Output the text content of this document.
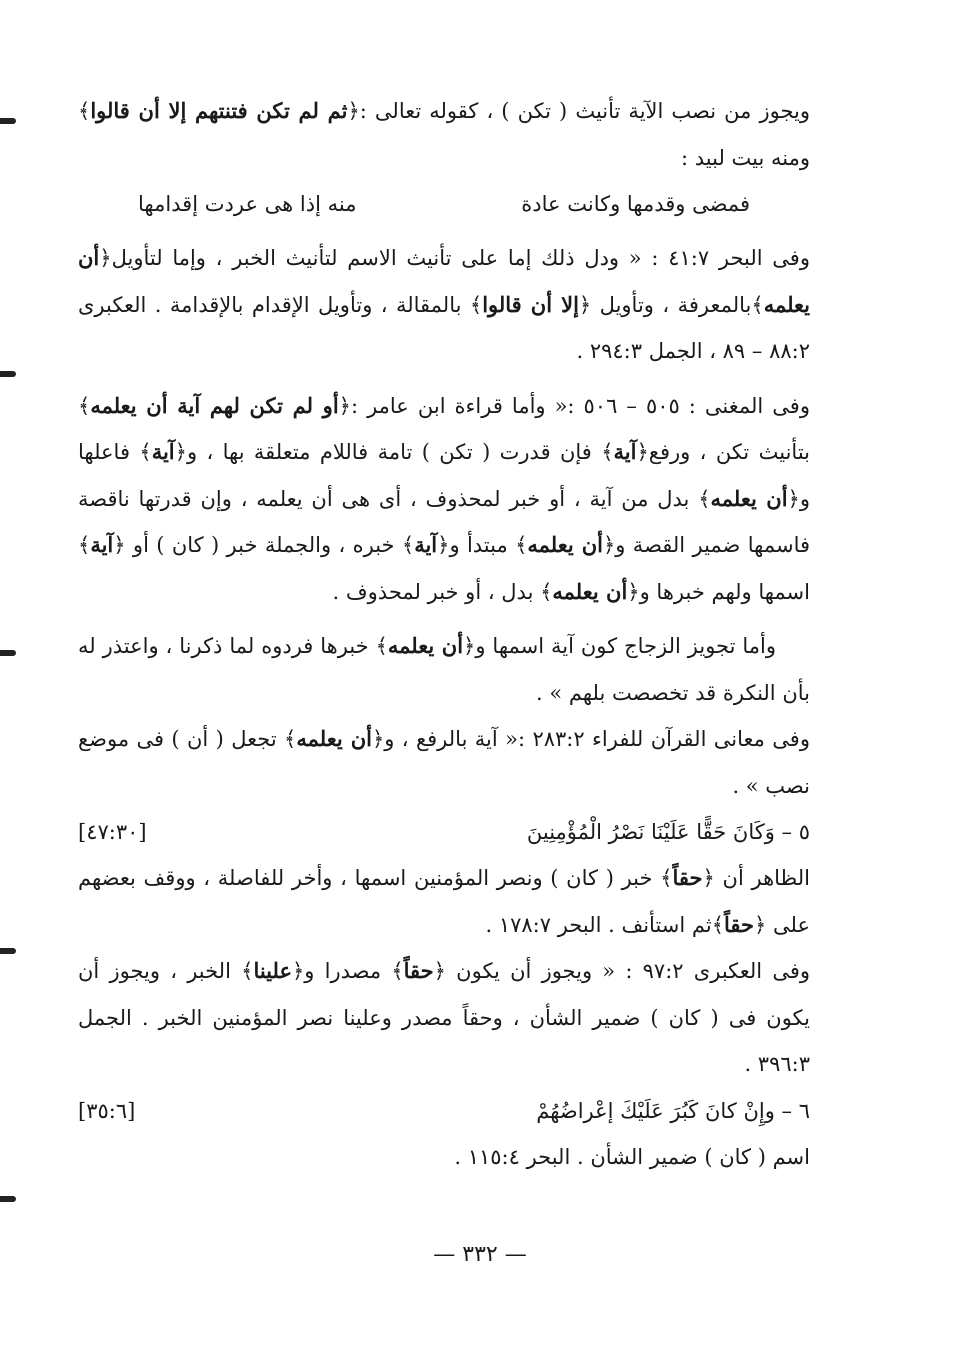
ويجوز من نصب الآية تأنيث ( تكن ) ، كقوله تعالى :﴿ثم لم تكن فتنتهم إلا أن قالوا﴾ ومنه بيت لبيد :

فمضى وقدمها وكانت عادة
منه إذا هى عردت إقدامها

وفى البحر ٤١:٧ : « ودل ذلك إما على تأنيث الاسم لتأنيث الخبر ، وإما لتأويل﴿أن يعلمه﴾بالمعرفة ، وتأويل ﴿إلا أن قالوا﴾ بالمقالة ، وتأويل الإقدام بالإقدامة . العكبرى ٨٨:٢ – ٨٩ ، الجمل ٢٩٤:٣ .

وفى المغنى : ٥٠٥ – ٥٠٦ :« وأما قراءة ابن عامر :﴿أو لم تكن لهم آية أن يعلمه﴾ بتأنيث تكن ، ورفع﴿آية﴾ فإن قدرت ( تكن ) تامة فاللام متعلقة بها ، و﴿آية﴾ فاعلها و﴿أن يعلمه﴾ بدل من آية ، أو خبر لمحذوف ، أى هى أن يعلمه ، وإن قدرتها ناقصة فاسمها ضمير القصة و﴿أن يعلمه﴾ مبتدأ و﴿آية﴾ خبره ، والجملة خبر ( كان ) أو ﴿آية﴾ اسمها ولهم خبرها و﴿أن يعلمه﴾ بدل ، أو خبر لمحذوف .

وأما تجويز الزجاج كون آية اسمها و﴿أن يعلمه﴾ خبرها فردوه لما ذكرنا ، واعتذر له بأن النكرة قد تخصصت بلهم » .

وفى معانى القرآن للفراء ٢٨٣:٢ :« آية بالرفع ، و﴿أن يعلمه﴾ تجعل ( أن ) فى موضع نصب » .

٥ – وَكَانَ حَقًّا عَلَيْنَا نَصْرُ الْمُؤْمِنِينَ
[٤٧:٣٠]

الظاهر أن ﴿حقاً﴾ خبر ( كان ) ونصر المؤمنين اسمها ، وأخر للفاصلة ، ووقف بعضهم على ﴿حقاً﴾ثم استأنف . البحر ١٧٨:٧ .

وفى العكبرى ٩٧:٢ : « ويجوز أن يكون ﴿حقاً﴾ مصدرا و﴿علينا﴾ الخبر ، ويجوز أن يكون فى ( كان ) ضمير الشأن ، وحقاً مصدر وعلينا نصر المؤمنين الخبر . الجمل ٣٩٦:٣ .

٦ – وإِنْ كانَ كَبُرَ عَلَيْكَ إعْراضُهُمْ
[٣٥:٦]

اسم ( كان ) ضمير الشأن . البحر ١١٥:٤ .

— ٣٣٢ —
